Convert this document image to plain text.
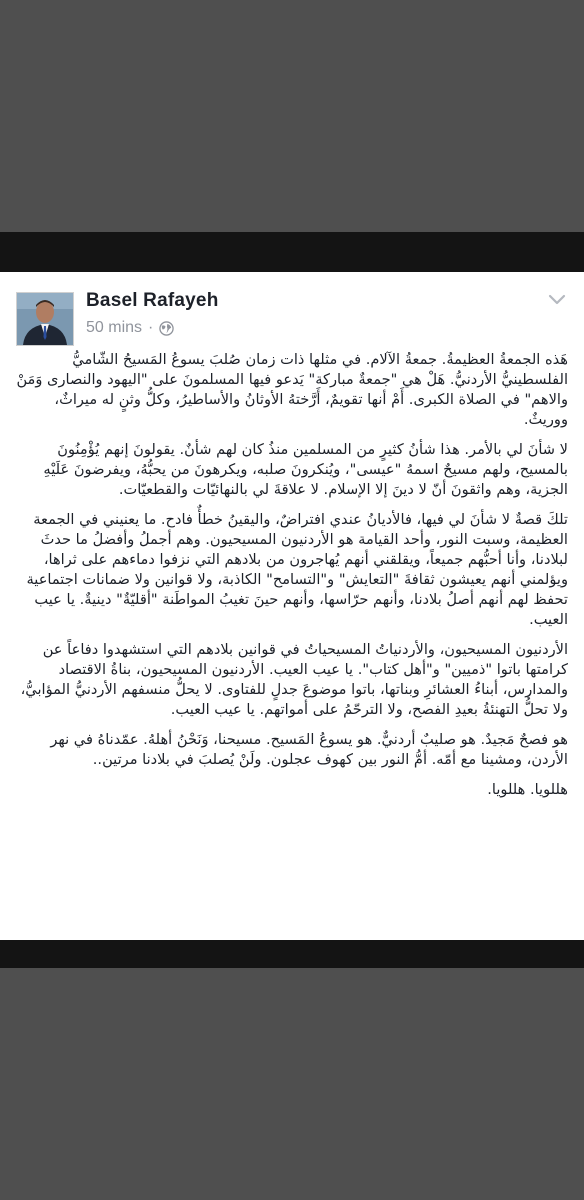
Basel Rafayeh
50 mins ·

هَذه الجمعةُ العظيمةُ. جمعةُ الآلام. في مثلها ذات زمان صُلبَ يسوعُ المَسيحُ الشّاميُّ الفلسطينيُّ الأردنيُّ. هَلْ هي "جمعةٌ مباركة" يَدعو فيها المسلمونَ على "اليهود والنصارى وَمَنْ والاهم" في الصلاة الكبرى. أَمْ أنها تقويمٌ، أَرَّختهُ الأوثانُ والأساطيرُ، وكلُّ وثنٍ له ميراثٌ، ووريثٌ.

لا شأنَ لي بالأمر. هذا شأنُ كثيرٍ من المسلمين منذُ كان لهم شأنٌ. يقولونَ إنهم يُؤْمِنُونَ بالمسيح، ولهم مسيحٌ اسمهُ "عيسى"، ويُنكرونَ صلبه، ويكرهونَ من يحبُّهُ، ويفرضونَ عَلَيْهِ الجزية، وهم واثقونَ أنّ لا دينَ إلا الإسلام. لا علاقةَ لي بالنهائيّات والقطعيّات.

تلكَ قصةٌ لا شأنَ لي فيها، فالأديانُ عندي افتراضٌ، واليقينُ خطأٌ فادح. ما يعنيني في الجمعة العظيمة، وسبت النور، وأحد القيامة هو الأردنيون المسيحيون. وهم أجملُ وأفضلُ ما حدثَ لبلادنا، وأنا أحبُّهم جميعاً، ويقلقني أنهم يُهاجرون من بلادهم التي نزفوا دماءهم على ثراها، ويؤلمني أنهم يعيشون ثقافةَ "التعايش" و"التسامح" الكاذبة، ولا قوانين ولا ضمانات اجتماعية تحفظ لهم أنهم أصلُ بلادنا، وأنهم حرّاسها، وأنهم حينَ تغيبُ المواطَنة "أقليّةٌ" دينيةٌ. يا عيب العيب.

الأردنيون المسيحيون، والأردنياتُ المسيحياتُ في قوانين بلادهم التي استشهدوا دفاعاً عن كرامتها باتوا "ذميين" و"أهل كتاب". يا عيب العيب. الأردنيون المسيحيون، بناةُ الاقتصاد والمدارس، أبناءُ العشائرِ وبناتها، باتوا موضوعَ جدلٍ للفتاوى. لا يحلُّ منسفهم الأردنيُّ المؤابيُّ، ولا تحلُّ التهنئةُ بعيدِ الفصح، ولا الترحّمُ على أمواتهم. يا عيب العيب.

هو فصحٌ مَجيدٌ. هو صليبٌ أردنيٌّ. هو يسوعُ المَسيح. مسيحنا، وَنَحْنُ أهلهُ. عمّدناهُ في نهر الأردن، ومشينا مع أمّه. أمُّ النور بين كهوف عجلون. ولَنْ يُصلبَ في بلادنا مرتين..

هللويا. هللويا.
